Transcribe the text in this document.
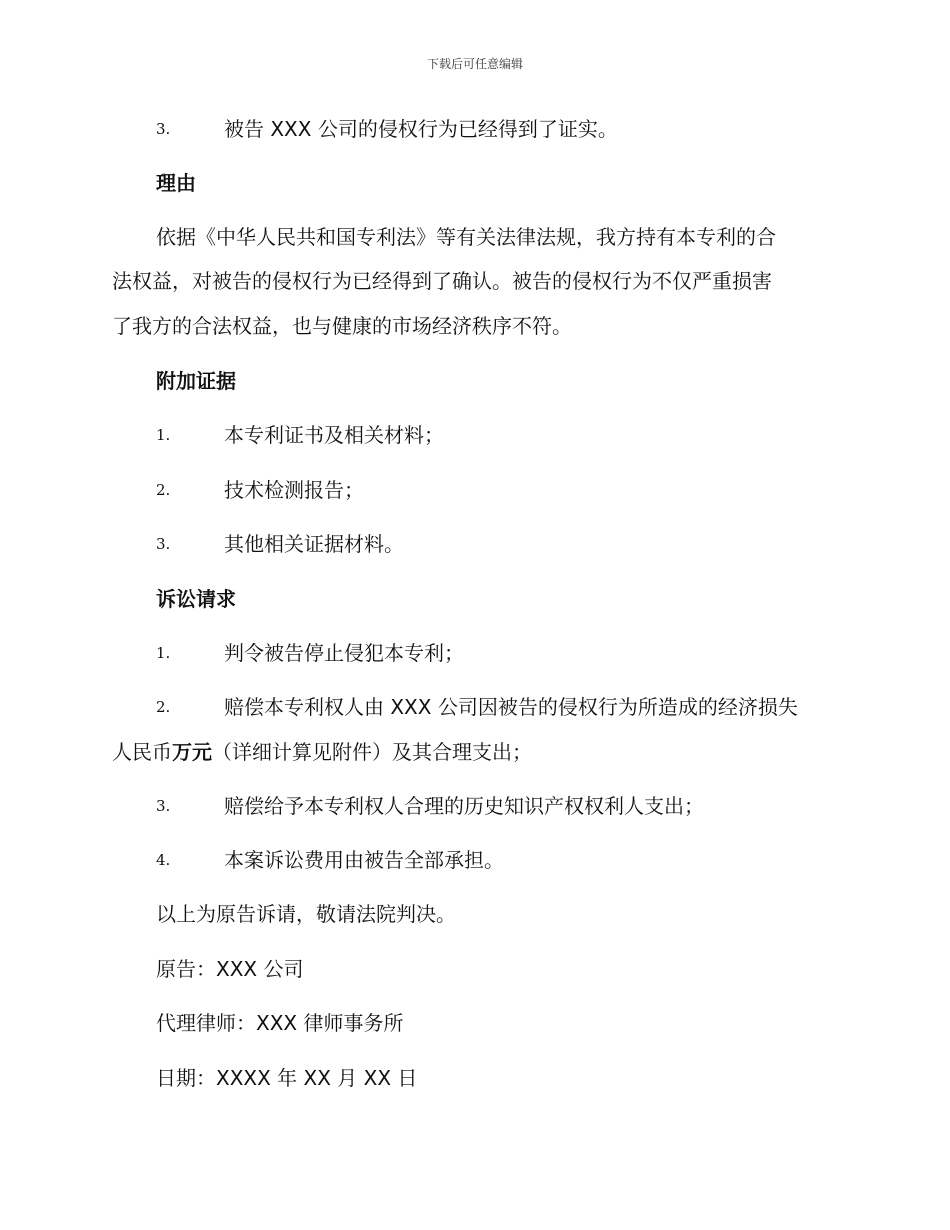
下载后可任意编辑
3.	被告 XXX 公司的侵权行为已经得到了证实。
理由
依据《中华人民共和国专利法》等有关法律法规，我方持有本专利的合
法权益，对被告的侵权行为已经得到了确认。被告的侵权行为不仅严重损害
了我方的合法权益，也与健康的市场经济秩序不符。
附加证据
1.	本专利证书及相关材料；
2.	技术检测报告；
3.	其他相关证据材料。
诉讼请求
1.	判令被告停止侵犯本专利；
2.	赔偿本专利权人由 XXX 公司因被告的侵权行为所造成的经济损失
人民币万元（详细计算见附件）及其合理支出；
3.	赔偿给予本专利权人合理的历史知识产权权利人支出；
4.	本案诉讼费用由被告全部承担。
以上为原告诉请，敬请法院判决。
原告：XXX 公司
代理律师：XXX 律师事务所
日期：XXXX 年 XX 月 XX 日
